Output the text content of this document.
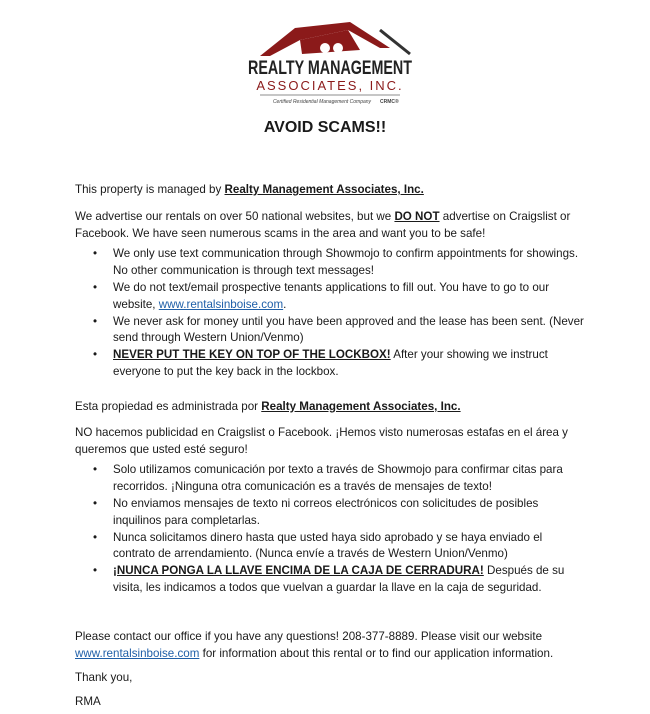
REALTY MANAGEMENT
ASSOCIATES, INC.
Certified Residential Management Company CRMC®
AVOID SCAMS!!

This property is managed by Realty Management Associates, Inc.

We advertise our rentals on over 50 national websites, but we DO NOT advertise on Craigslist or Facebook. We have seen numerous scams in the area and want you to be safe!

• We only use text communication through Showmojo to confirm appointments for showings. No other communication is through text messages!
• We do not text/email prospective tenants applications to fill out. You have to go to our website, www.rentalsinboise.com.
• We never ask for money until you have been approved and the lease has been sent. (Never send through Western Union/Venmo)
• NEVER PUT THE KEY ON TOP OF THE LOCKBOX! After your showing we instruct everyone to put the key back in the lockbox.

Esta propiedad es administrada por Realty Management Associates, Inc.

NO hacemos publicidad en Craigslist o Facebook. ¡Hemos visto numerosas estafas en el área y queremos que usted esté seguro!

• Solo utilizamos comunicación por texto a través de Showmojo para confirmar citas para recorridos. ¡Ninguna otra comunicación es a través de mensajes de texto!
• No enviamos mensajes de texto ni correos electrónicos con solicitudes de posibles inquilinos para completarlas.
• Nunca solicitamos dinero hasta que usted haya sido aprobado y se haya enviado el contrato de arrendamiento. (Nunca envíe a través de Western Union/Venmo)
• ¡NUNCA PONGA LA LLAVE ENCIMA DE LA CAJA DE CERRADURA! Después de su visita, les indicamos a todos que vuelvan a guardar la llave en la caja de seguridad.

Please contact our office if you have any questions! 208-377-8889. Please visit our website www.rentalsinboise.com for information about this rental or to find our application information.

Thank you,

RMA
